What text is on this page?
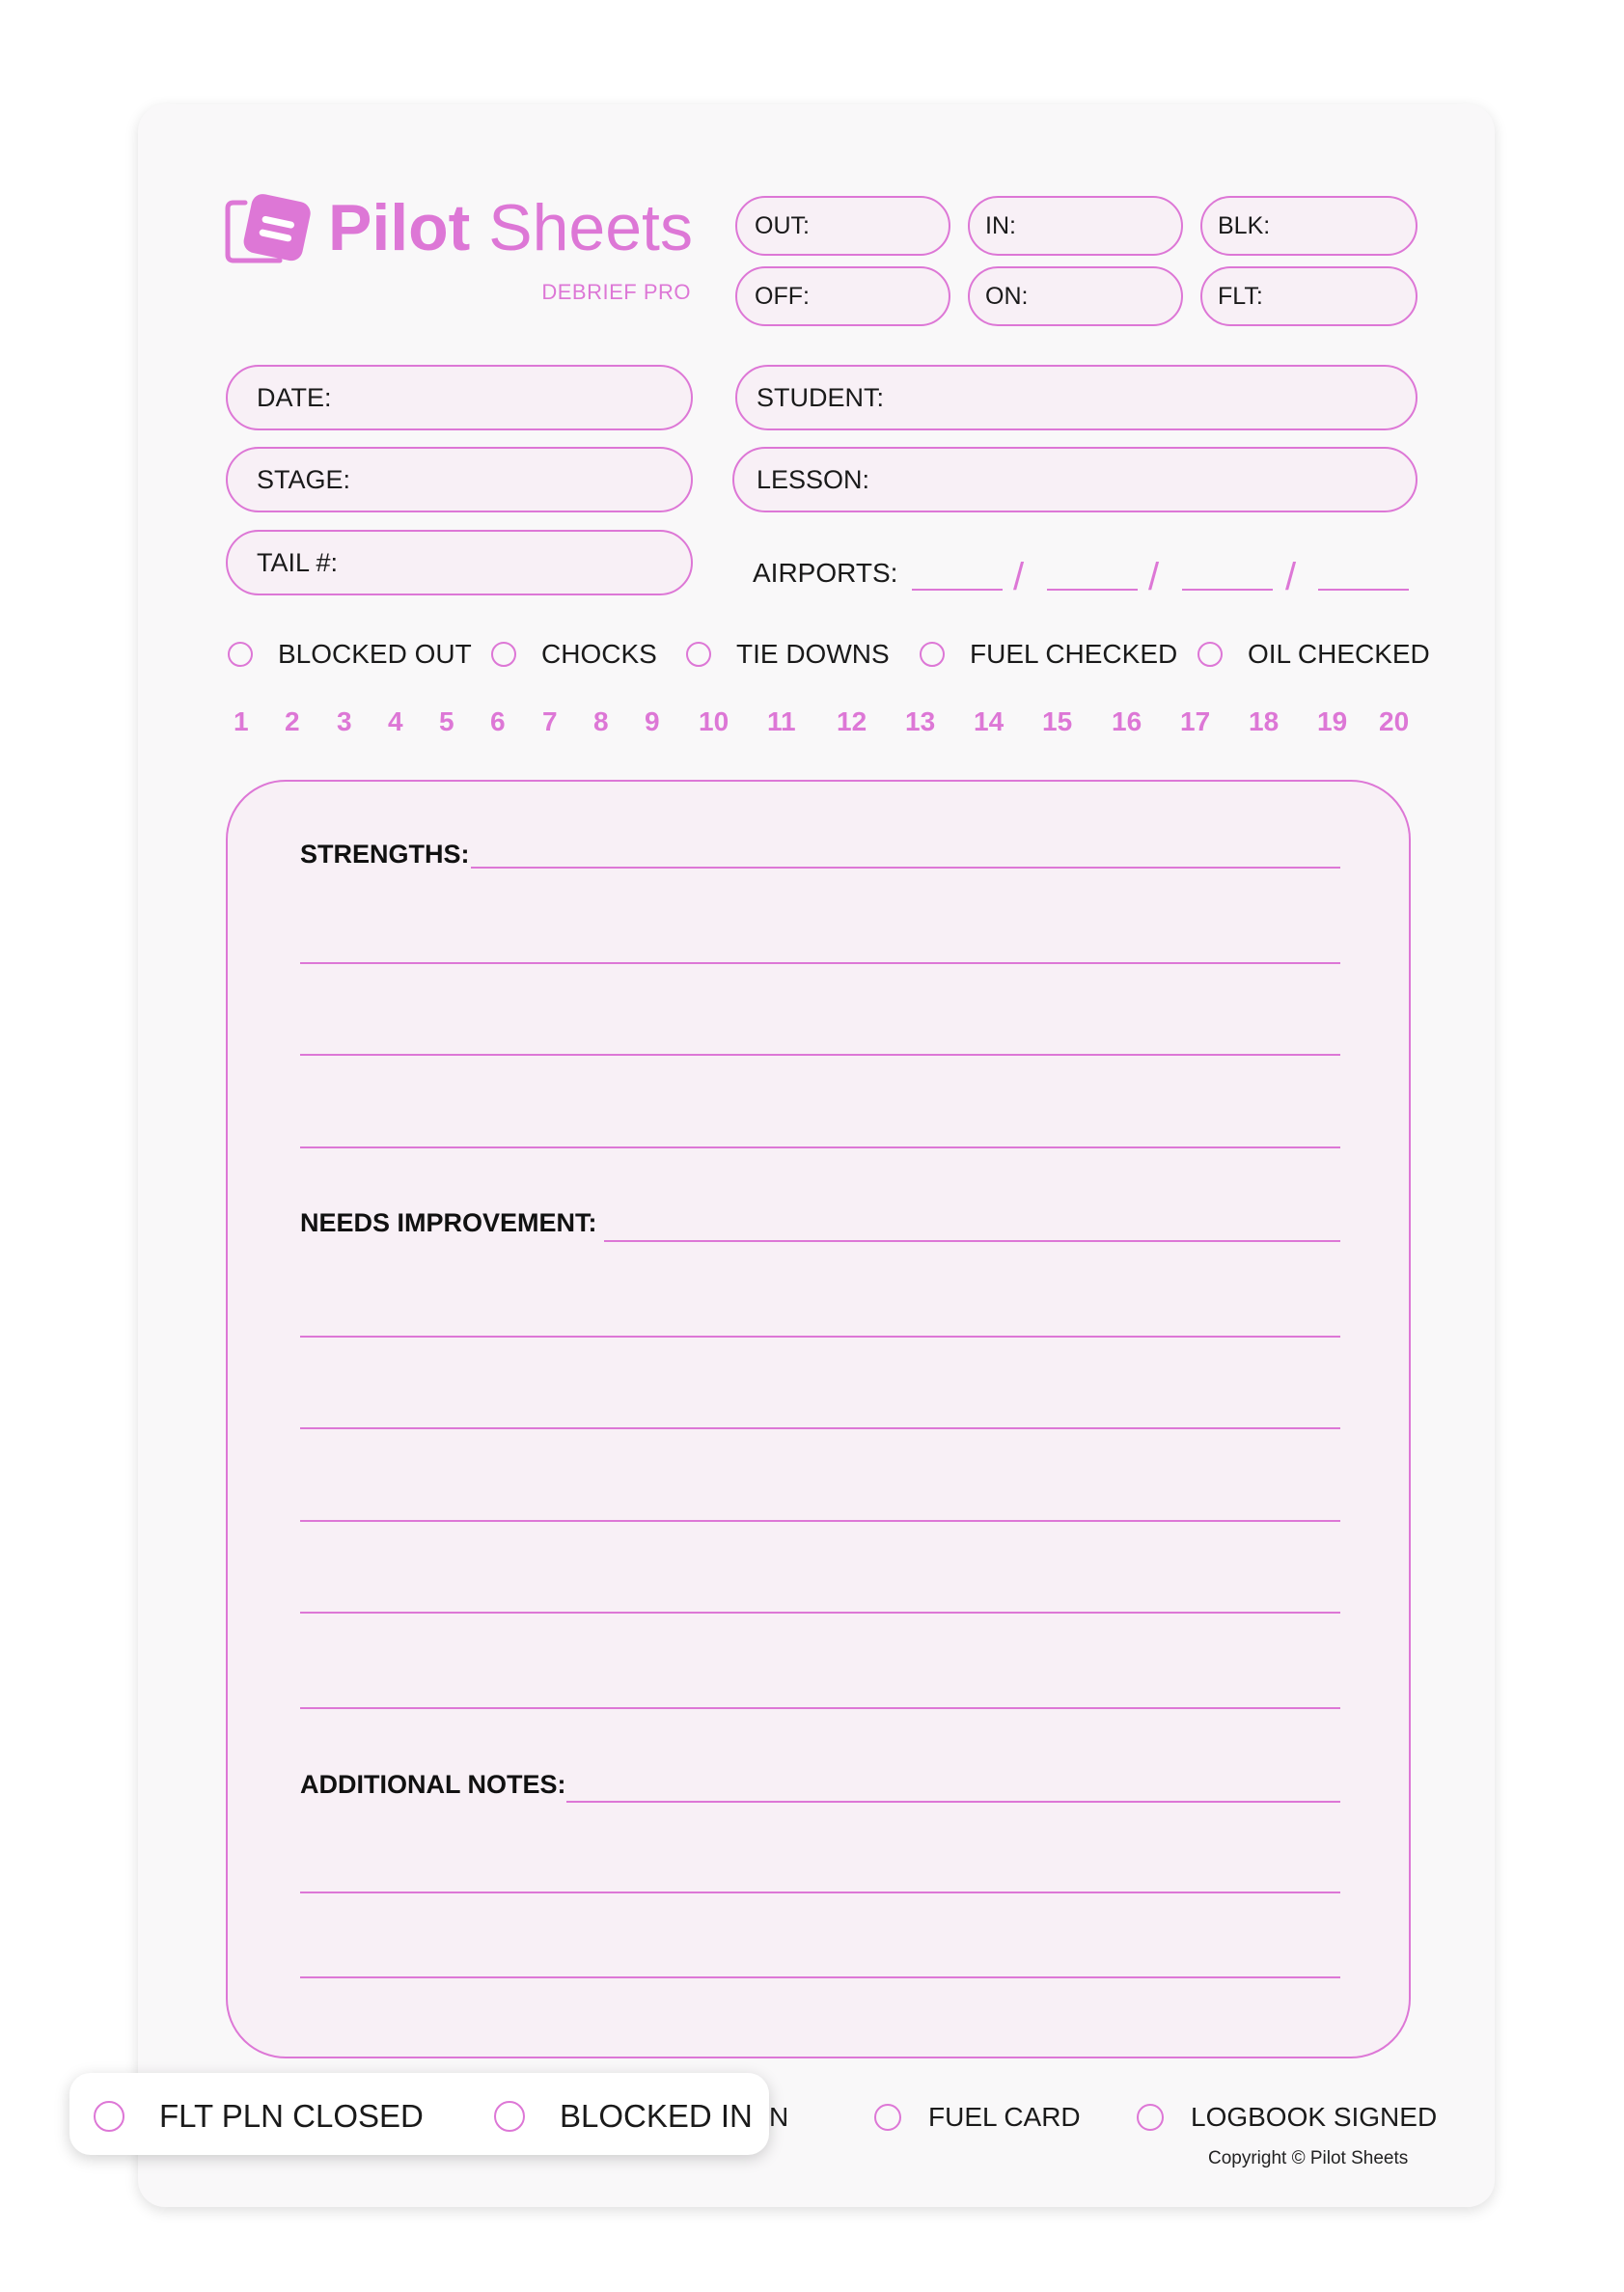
Pilot Sheets
DEBRIEF PRO
OUT:	IN:	BLK:
OFF:	ON:	FLT:
DATE:	STUDENT:
STAGE:	LESSON:
TAIL #:	AIRPORTS:	/	/	/
BLOCKED OUT	CHOCKS	TIE DOWNS	FUEL CHECKED	OIL CHECKED
1 2 3 4 5 6 7 8 9 10 11 12 13 14 15 16 17 18 19 20
STRENGTHS:
NEEDS IMPROVEMENT:
ADDITIONAL NOTES:
N	FUEL CARD	LOGBOOK SIGNED
FLT PLN CLOSED	BLOCKED IN
Copyright © Pilot Sheets
